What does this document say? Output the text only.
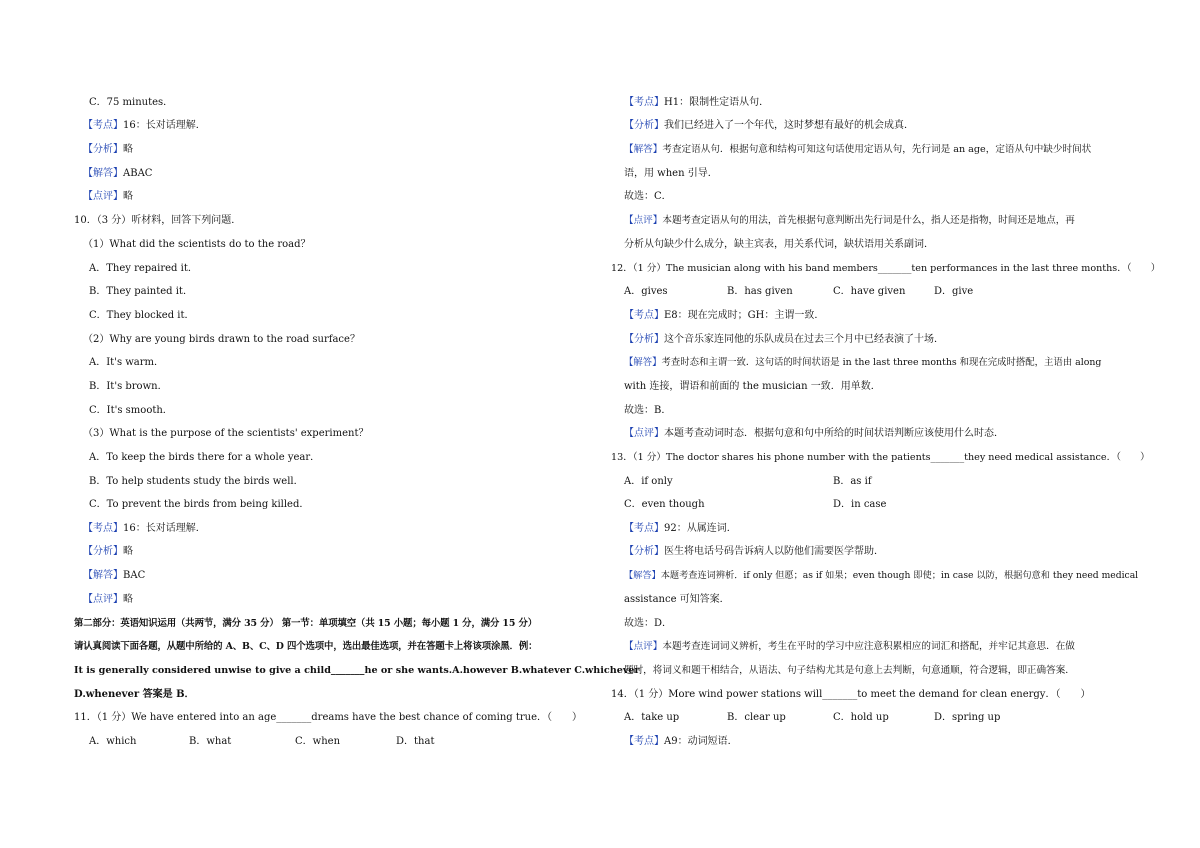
C．75 minutes．
【考点】16：长对话理解．
【分析】略
【解答】ABAC
【点评】略
10．（3 分）听材料，回答下列问题．
（1）What did the scientists do to the road？
A．They repaired it．
B．They painted it．
C．They blocked it．
（2）Why are young birds drawn to the road surface？
A．It's warm．
B．It's brown．
C．It's smooth．
（3）What is the purpose of the scientists' experiment？
A．To keep the birds there for a whole year．
B．To help students study the birds well．
C．To prevent the birds from being killed．
【考点】16：长对话理解．
【分析】略
【解答】BAC
【点评】略
第二部分：英语知识运用（共两节，满分 35 分） 第一节：单项填空（共 15 小题；每小题 1 分，满分 15 分）
请认真阅读下面各题，从题中所给的 A、B、C、D 四个选项中，选出最佳选项，并在答题卡上将该项涂黑．例：
It is generally considered unwise to give a child_______he or she wants.A.however B.whatever C.whichever
D.whenever 答案是 B．
11．（1 分）We have entered into an age_______dreams have the best chance of coming true．（　　）
A．which	B．what	C．when	D．that
【考点】H1：限制性定语从句．
【分析】我们已经进入了一个年代，这时梦想有最好的机会成真．
【解答】考查定语从句．根据句意和结构可知这句话使用定语从句，先行词是 an age，定语从句中缺少时间状
语，用 when 引导．
故选：C．
【点评】本题考查定语从句的用法，首先根据句意判断出先行词是什么，指人还是指物，时间还是地点，再
分析从句缺少什么成分，缺主宾表，用关系代词，缺状语用关系副词．
12．（1 分）The musician along with his band members_______ten performances in the last three months．（　　）
A．gives	B．has given	C．have given	D．give
【考点】E8：现在完成时；GH：主谓一致．
【分析】这个音乐家连同他的乐队成员在过去三个月中已经表演了十场．
【解答】考查时态和主谓一致．这句话的时间状语是 in the last three months 和现在完成时搭配，主语由 along
with 连接，谓语和前面的 the musician 一致．用单数．
故选：B．
【点评】本题考查动词时态．根据句意和句中所给的时间状语判断应该使用什么时态．
13．（1 分）The doctor shares his phone number with the patients_______they need medical assistance．（　　）
A．if only	B．as if
C．even though	D．in case
【考点】92：从属连词．
【分析】医生将电话号码告诉病人以防他们需要医学帮助．
【解答】本题考查连词辨析．if only 但愿；as if 如果；even though 即使；in case 以防，根据句意和 they need medical
assistance 可知答案．
故选：D．
【点评】本题考查连词词义辨析，考生在平时的学习中应注意积累相应的词汇和搭配，并牢记其意思．在做
题时，将词义和题干相结合，从语法、句子结构尤其是句意上去判断，句意通顺，符合逻辑，即正确答案．
14．（1 分）More wind power stations will_______to meet the demand for clean energy．（　　）
A．take up	B．clear up	C．hold up	D．spring up
【考点】A9：动词短语．
